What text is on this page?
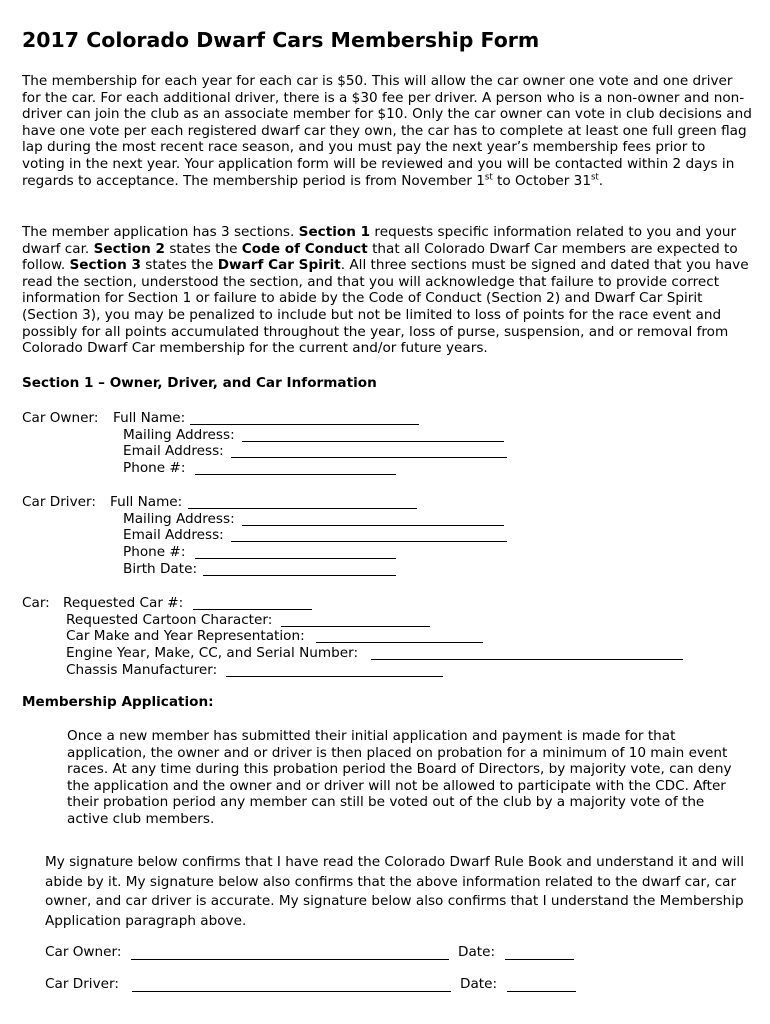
2017 Colorado Dwarf Cars Membership Form

The membership for each year for each car is $50. This will allow the car owner one vote and one driver for the car. For each additional driver, there is a $30 fee per driver. A person who is a non-owner and non-driver can join the club as an associate member for $10. Only the car owner can vote in club decisions and have one vote per each registered dwarf car they own, the car has to complete at least one full green flag lap during the most recent race season, and you must pay the next year’s membership fees prior to voting in the next year. Your application form will be reviewed and you will be contacted within 2 days in regards to acceptance. The membership period is from November 1st to October 31st.

The member application has 3 sections. Section 1 requests specific information related to you and your dwarf car. Section 2 states the Code of Conduct that all Colorado Dwarf Car members are expected to follow. Section 3 states the Dwarf Car Spirit. All three sections must be signed and dated that you have read the section, understood the section, and that you will acknowledge that failure to provide correct information for Section 1 or failure to abide by the Code of Conduct (Section 2) and Dwarf Car Spirit (Section 3), you may be penalized to include but not be limited to loss of points for the race event and possibly for all points accumulated throughout the year, loss of purse, suspension, and or removal from Colorado Dwarf Car membership for the current and/or future years.

Section 1 – Owner, Driver, and Car Information
Car Owner: Full Name:
Mailing Address:
Email Address:
Phone #:
Car Driver: Full Name:
Mailing Address:
Email Address:
Phone #:
Birth Date:
Car: Requested Car #:
Requested Cartoon Character:
Car Make and Year Representation:
Engine Year, Make, CC, and Serial Number:
Chassis Manufacturer:
Membership Application:

Once a new member has submitted their initial application and payment is made for that application, the owner and or driver is then placed on probation for a minimum of 10 main event races. At any time during this probation period the Board of Directors, by majority vote, can deny the application and the owner and or driver will not be allowed to participate with the CDC. After their probation period any member can still be voted out of the club by a majority vote of the active club members.

My signature below confirms that I have read the Colorado Dwarf Rule Book and understand it and will abide by it. My signature below also confirms that the above information related to the dwarf car, car owner, and car driver is accurate. My signature below also confirms that I understand the Membership Application paragraph above.

Car Owner:	Date:
Car Driver:	Date:
